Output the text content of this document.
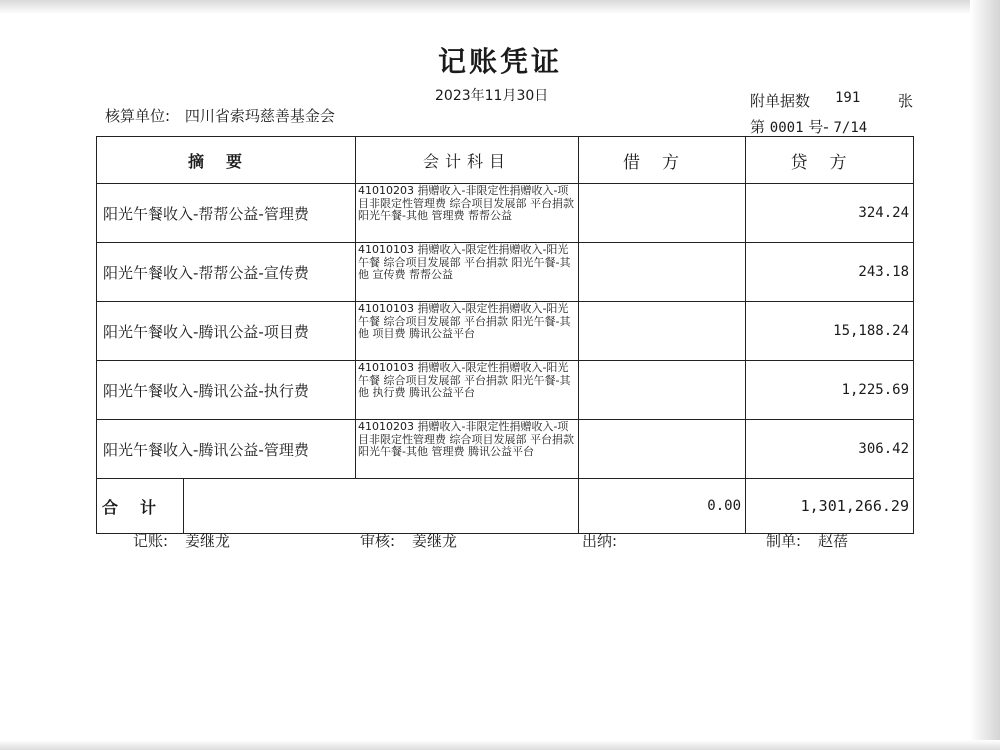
记账凭证
2023年11月30日
核算单位: 四川省索玛慈善基金会
附单据数 191	张
第 0001 号- 7/14
摘要	会计科目	借方	贷方
阳光午餐收入-帮帮公益-管理费	41010203 捐赠收入-非限定性捐赠收入-项目非限定性管理费 综合项目发展部 平台捐款 阳光午餐-其他 管理费 帮帮公益		324.24
阳光午餐收入-帮帮公益-宣传费	41010103 捐赠收入-限定性捐赠收入-阳光午餐 综合项目发展部 平台捐款 阳光午餐-其他 宣传费 帮帮公益		243.18
阳光午餐收入-腾讯公益-项目费	41010103 捐赠收入-限定性捐赠收入-阳光午餐 综合项目发展部 平台捐款 阳光午餐-其他 项目费 腾讯公益平台		15,188.24
阳光午餐收入-腾讯公益-执行费	41010103 捐赠收入-限定性捐赠收入-阳光午餐 综合项目发展部 平台捐款 阳光午餐-其他 执行费 腾讯公益平台		1,225.69
阳光午餐收入-腾讯公益-管理费	41010203 捐赠收入-非限定性捐赠收入-项目非限定性管理费 综合项目发展部 平台捐款 阳光午餐-其他 管理费 腾讯公益平台		306.42

合计		0.00	1,301,266.29
记账: 姜继龙	审核: 姜继龙	出纳:	制单: 赵蓓
